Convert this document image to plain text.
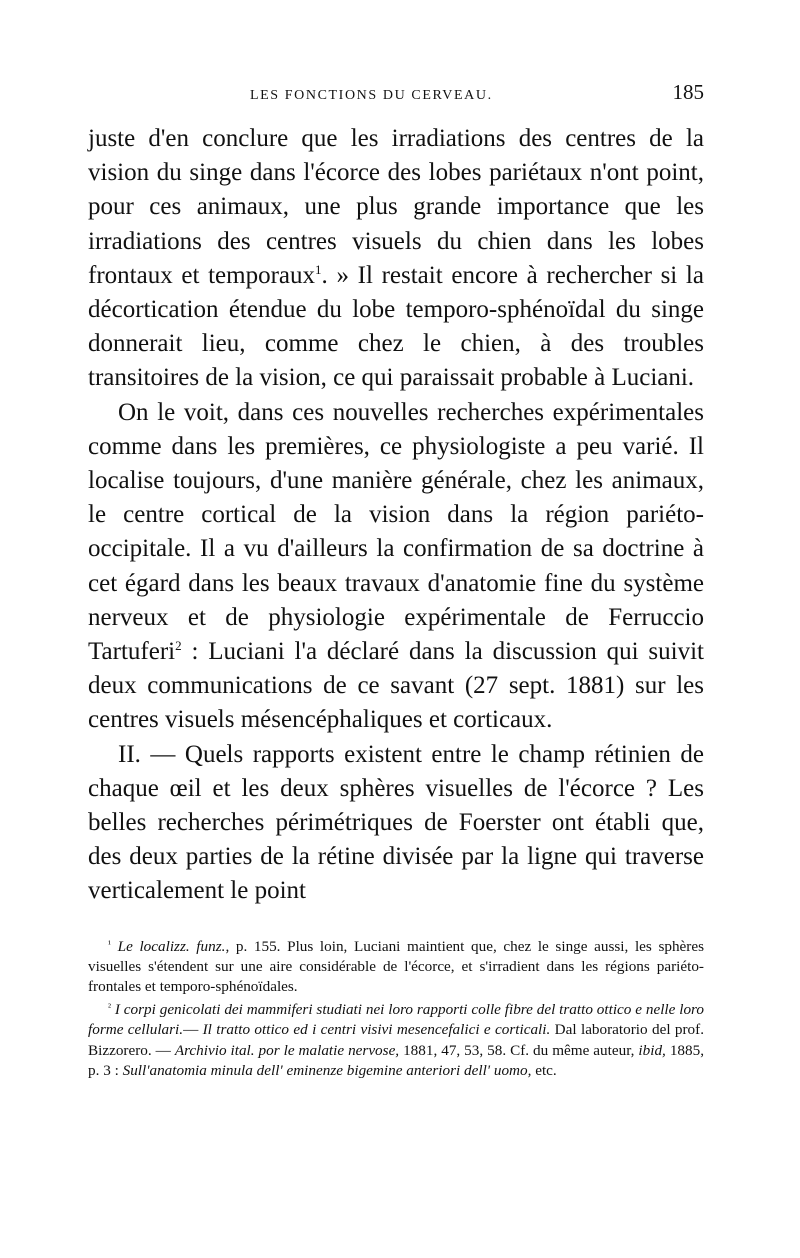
LES FONCTIONS DU CERVEAU.	185

juste d'en conclure que les irradiations des centres de la vision du singe dans l'écorce des lobes pariétaux n'ont point, pour ces animaux, une plus grande importance que les irradiations des centres visuels du chien dans les lobes frontaux et temporaux$^1$. » Il restait encore à rechercher si la décortication étendue du lobe temporo-sphénoïdal du singe donnerait lieu, comme chez le chien, à des troubles transitoires de la vision, ce qui paraissait probable à Luciani.

On le voit, dans ces nouvelles recherches expérimentales comme dans les premières, ce physiologiste a peu varié. Il localise toujours, d'une manière générale, chez les animaux, le centre cortical de la vision dans la région pariéto-occipitale. Il a vu d'ailleurs la confirmation de sa doctrine à cet égard dans les beaux travaux d'anatomie fine du système nerveux et de physiologie expérimentale de Ferruccio Tartuferi$^2$ : Luciani l'a déclaré dans la discussion qui suivit deux communications de ce savant (27 sept. 1881) sur les centres visuels mésencéphaliques et corticaux.

II. — Quels rapports existent entre le champ rétinien de chaque œil et les deux sphères visuelles de l'écorce ? Les belles recherches périmétriques de Foerster ont établi que, des deux parties de la rétine divisée par la ligne qui traverse verticalement le point

$^{^1}$ Le localizz. funz., p. 155. Plus loin, Luciani maintient que, chez le singe aussi, les sphères visuelles s'étendent sur une aire considérable de l'écorce, et s'irradient dans les régions pariéto-frontales et temporo-sphénoïdales.

$^{^2}$ I corpi genicolati dei mammiferi studiati nei loro rapporti colle fibre del tratto ottico e nelle loro forme cellulari.— Il tratto ottico ed i centri visivi mesencefalici e corticali. Dal laboratorio del prof. Bizzorero. — Archivio ital. por le malatie nervose, 1881, 47, 53, 58. Cf. du même auteur, ibid, 1885, p. 3 : Sull'anatomia minula dell' eminenze bigemine anteriori dell' uomo, etc.
